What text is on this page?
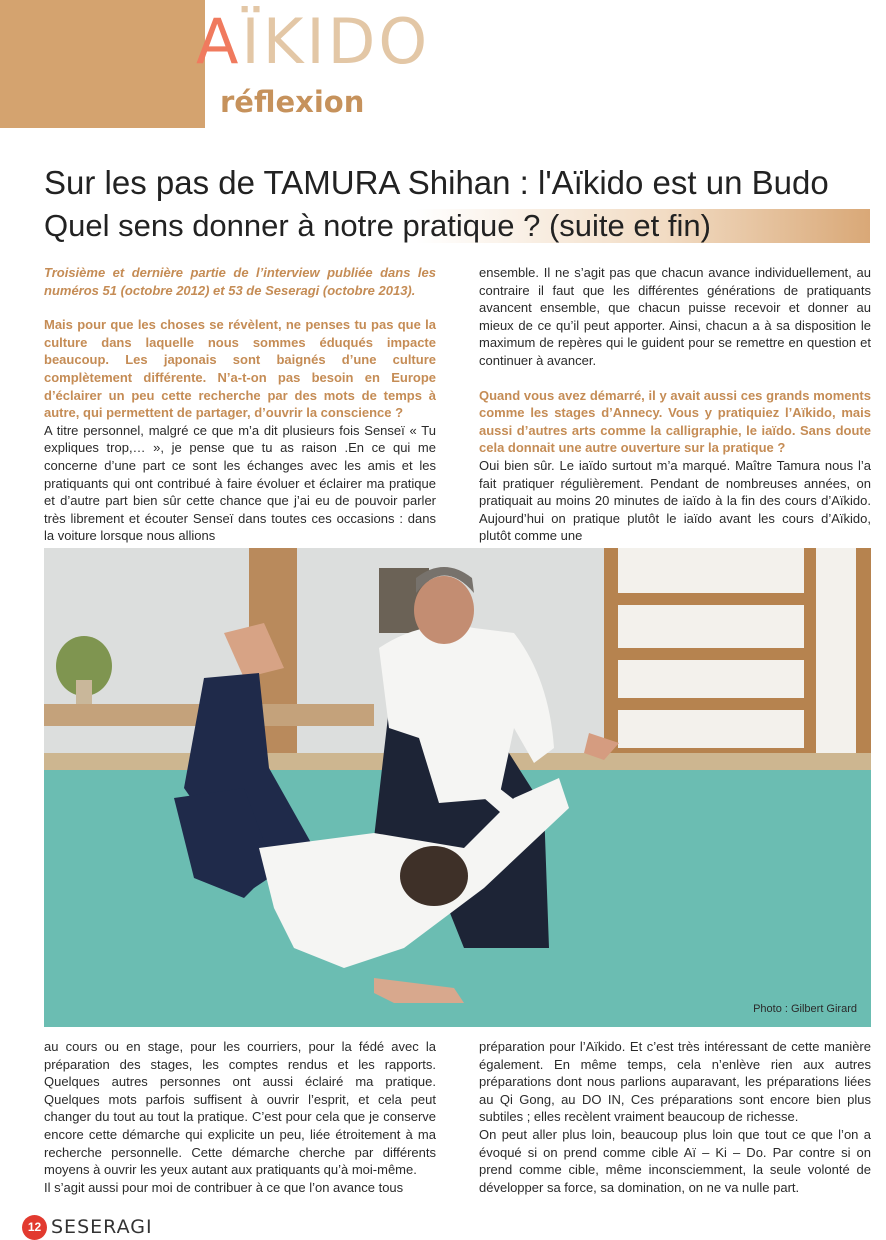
AÏKIDO
réflexion
Sur les pas de TAMURA Shihan : l'Aïkido est un Budo
Quel sens donner à notre pratique ? (suite et fin)

Troisième et dernière partie de l’interview publiée dans les numéros 51 (octobre 2012) et 53 de Seseragi (octobre 2013).

Mais pour que les choses se révèlent, ne penses tu pas que la culture dans laquelle nous sommes éduqués impacte beaucoup. Les japonais sont baignés d’une culture complètement différente. N’a-t-on pas besoin en Europe d’éclairer un peu cette recherche par des mots de temps à autre, qui permettent de partager, d’ouvrir la conscience ?

A titre personnel, malgré ce que m’a dit plusieurs fois Senseï « Tu expliques trop,… », je pense que tu as raison .En ce qui me concerne d’une part ce sont les échanges avec les amis et les pratiquants qui ont contribué à faire évoluer et éclairer ma pratique et d’autre part bien sûr cette chance que j’ai eu de pouvoir parler très librement et écouter Senseï dans toutes ces occasions : dans la voiture lorsque nous allions

ensemble. Il ne s’agit pas que chacun avance individuellement, au contraire il faut que les différentes générations de pratiquants avancent ensemble, que chacun puisse recevoir et donner au mieux de ce qu’il peut apporter. Ainsi, chacun a à sa disposition le maximum de repères qui le guident pour se remettre en question et continuer à avancer.

Quand vous avez démarré, il y avait aussi ces grands moments comme les stages d’Annecy. Vous y pratiquiez l’Aïkido, mais aussi d’autres arts comme la calligraphie, le iaïdo. Sans doute cela donnait une autre ouverture sur la pratique ?

Oui bien sûr. Le iaïdo surtout m’a marqué. Maître Tamura nous l’a fait pratiquer régulièrement. Pendant de nombreuses années, on pratiquait au moins 20 minutes de iaïdo à la fin des cours d’Aïkido. Aujourd’hui on pratique plutôt le iaïdo avant les cours d’Aïkido, plutôt comme une

Photo : Gilbert Girard

au cours ou en stage, pour les courriers, pour la fédé avec la préparation des stages, les comptes rendus et les rapports. Quelques autres personnes ont aussi éclairé ma pratique. Quelques mots parfois suffisent à ouvrir l’esprit, et cela peut changer du tout au tout la pratique. C’est pour cela que je conserve encore cette démarche qui explicite un peu, liée étroitement à ma recherche personnelle. Cette démarche cherche par différents moyens à ouvrir les yeux autant aux pratiquants qu’à moi-même.

Il s’agit aussi pour moi de contribuer à ce que l’on avance tous

préparation pour l’Aïkido. Et c’est très intéressant de cette manière également. En même temps, cela n’enlève rien aux autres préparations dont nous parlions auparavant, les préparations liées au Qi Gong, au DO IN, Ces préparations sont encore bien plus subtiles ; elles recèlent vraiment beaucoup de richesse.

On peut aller plus loin, beaucoup plus loin que tout ce que l’on a évoqué si on prend comme cible Aï – Ki – Do. Par contre si on prend comme cible, même inconsciemment, la seule volonté de développer sa force, sa domination, on ne va nulle part.

12 SESERAGI
